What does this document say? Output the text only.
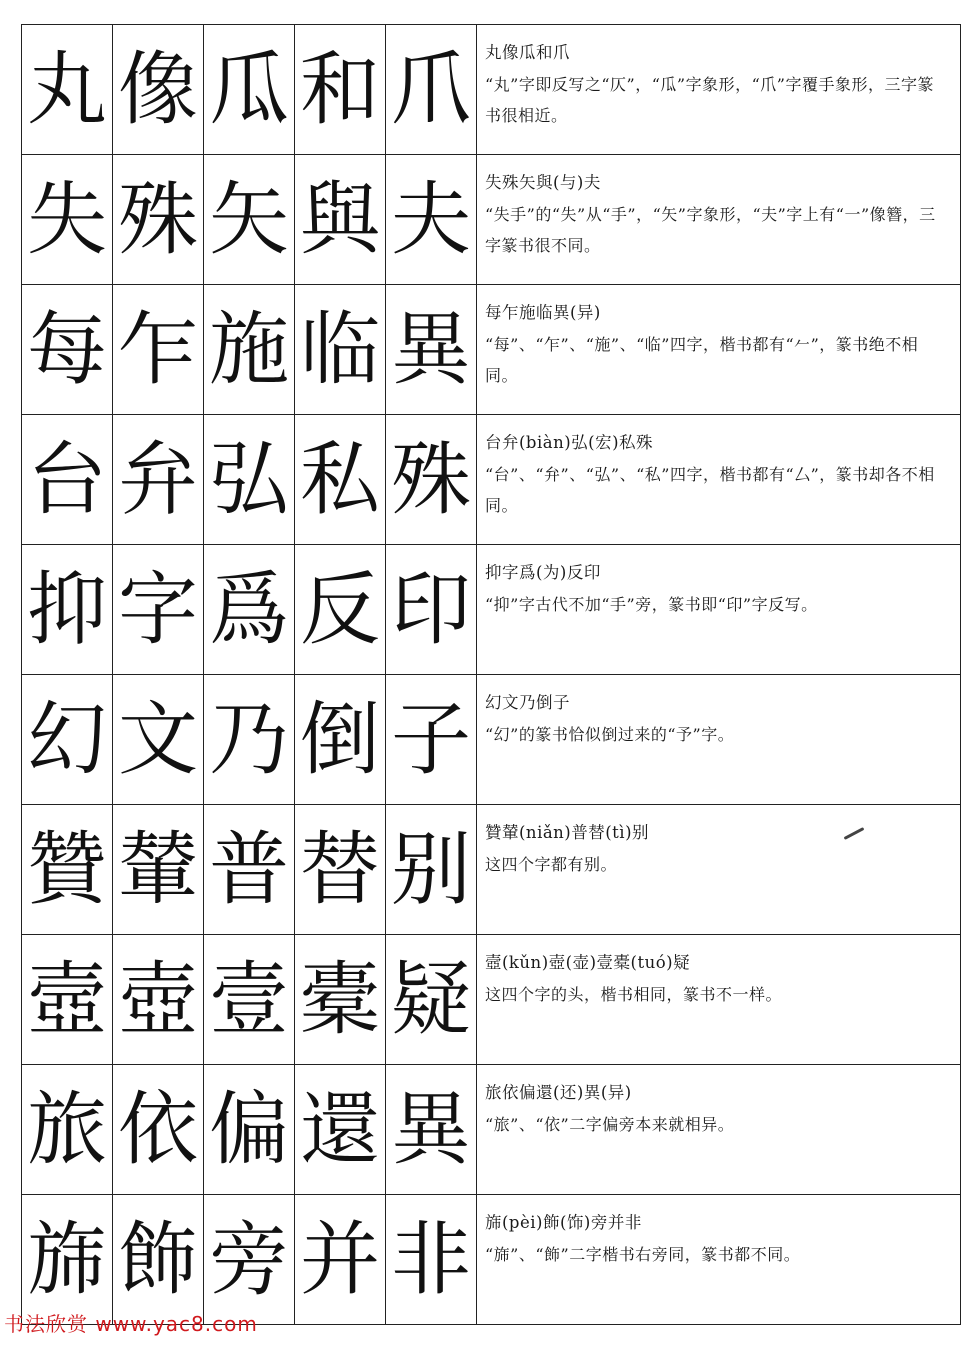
丸	像	瓜	和	爪	丸像瓜和爪
“丸”字即反写之“仄”，“瓜”字象形，“爪”字覆手象形，三字篆书很相近。

失	殊	矢	與	夫	失殊矢與(与)夫
“失手”的“失”从“手”，“矢”字象形，“夫”字上有“一”像簪，三字篆书很不同。

每	乍	施	临	異	每乍施临異(异)
“每”、“乍”、“施”、“临”四字，楷书都有“𠂉”，篆书绝不相同。

台	弁	弘	私	殊	台弁(biàn)弘(宏)私殊
“台”、“弁”、“弘”、“私”四字，楷书都有“厶”，篆书却各不相同。

抑	字	爲	反	印	抑字爲(为)反印
“抑”字古代不加“手”旁，篆书即“印”字反写。

幻	文	乃	倒	子	幻文乃倒子
“幻”的篆书恰似倒过来的“予”字。

贊	輦	普	替	别	贊輦(niǎn)普替(tì)别
这四个字都有别。

壼	壺	壹	橐	疑	壼(kǔn)壺(壶)壹橐(tuó)疑
这四个字的头，楷书相同，篆书不一样。

旅	依	偏	還	異	旅依偏還(还)異(异)
“旅”、“依”二字偏旁本来就相异。

旆	飾	旁	并	非	旆(pèi)飾(饰)旁并非
“旆”、“飾”二字楷书右旁同，篆书都不同。
书法欣赏 www.yac8.com
